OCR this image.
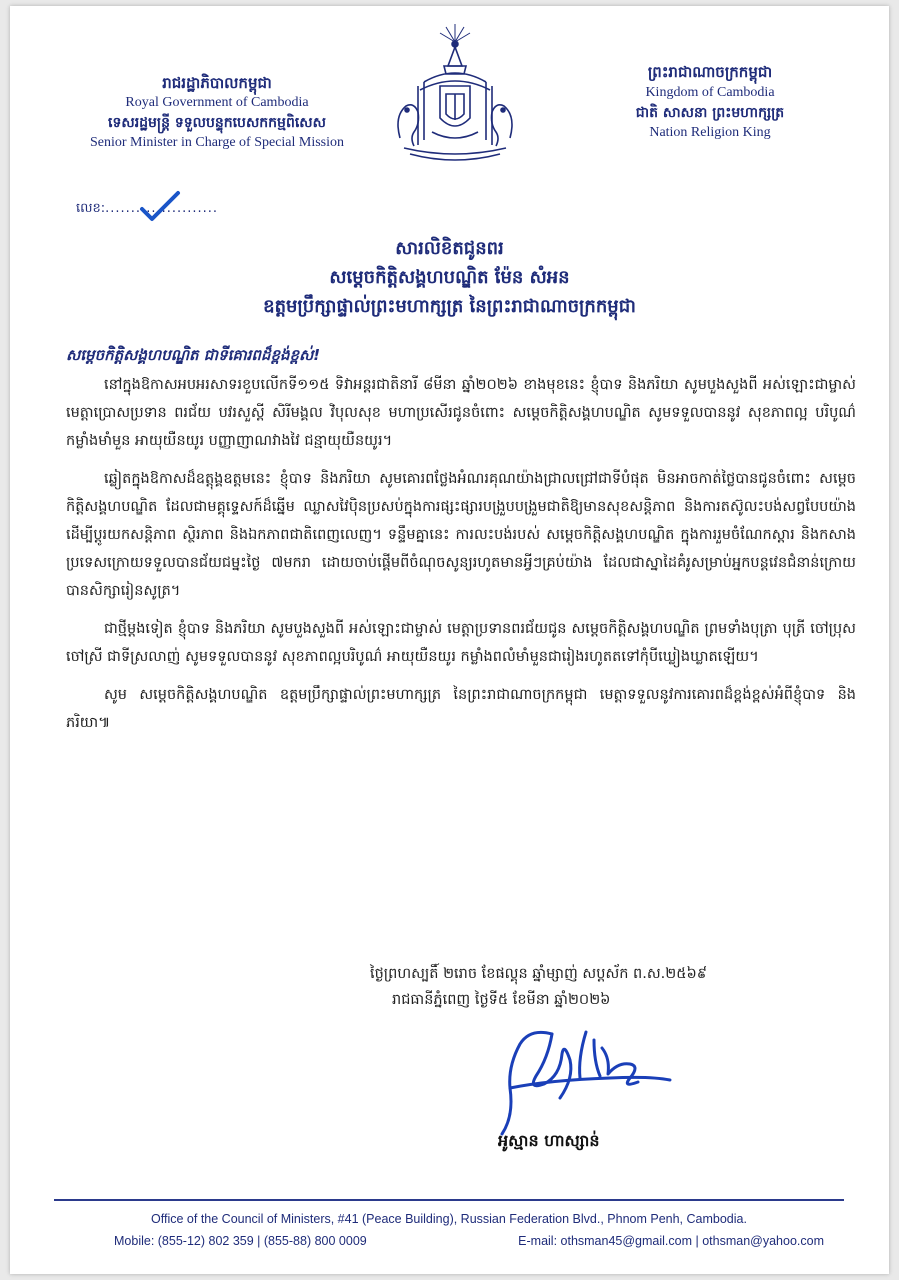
រាជរដ្ឋាភិបាលកម្ពុជា
Royal Government of Cambodia
ទេសរដ្ឋមន្ត្រី ទទួលបន្ទុកបេសកកម្មពិសេស
Senior Minister in Charge of Special Mission
ព្រះរាជាណាចក្រកម្ពុជា
Kingdom of Cambodia
ជាតិ សាសនា ព្រះមហាក្សត្រ
Nation Religion King
លេខ:......................
សារលិខិតជូនពរ
សម្តេចកិត្តិសង្គហបណ្ឌិត ម៉ែន សំអន
ឧត្តមប្រឹក្សាផ្ទាល់ព្រះមហាក្សត្រ នៃព្រះរាជាណាចក្រកម្ពុជា
សម្តេចកិត្តិសង្គហបណ្ឌិត ជាទីគោរពដ៏ខ្ពង់ខ្ពស់!

នៅក្នុងឱកាសអបអរសាទរខួបលើកទី១១៥ ទិវាអន្តរជាតិនារី ៨មីនា ឆ្នាំ២០២៦ ខាងមុខនេះ ខ្ញុំបាទ និងភរិយា សូមបួងសួងពី អស់ឡោះជាម្ចាស់ មេត្តាប្រោសប្រទាន ពរជ័យ បវរសួស្តី សិរីមង្គល វិបុលសុខ មហាប្រសើរជូនចំពោះ សម្តេចកិត្តិសង្គហបណ្ឌិត សូមទទួលបាននូវ សុខភាពល្អ បរិបូណ៌ កម្លាំងមាំមួន អាយុយឺនយូរ បញ្ញាញាណវាងវៃ ជន្មាយុយឺនយូរ។

ឆ្លៀតក្នុងឱកាសដ៏ឧត្តុង្គឧត្តមនេះ ខ្ញុំបាទ និងភរិយា សូមគោរពថ្លែងអំណរគុណយ៉ាងជ្រាលជ្រៅជាទីបំផុត មិនអាចកាត់ថ្លៃបានជូនចំពោះ សម្តេចកិត្តិសង្គហបណ្ឌិត ដែលជាមគ្គុទ្ទេសក៍ដ៏ឆ្នើម ឈ្លាសវៃប៉ិនប្រសប់ក្នុងការផ្សះផ្សារបង្រួបបង្រួមជាតិឱ្យមានសុខសន្តិភាព និងការតស៊ូលះបង់សព្វបែបយ៉ាងដើម្បីប្តូរយកសន្តិភាព ស្ថិរភាព និងឯកភាពជាតិពេញលេញ។ ទន្ទឹមគ្នានេះ ការលះបង់របស់ សម្តេចកិត្តិសង្គហបណ្ឌិត ក្នុងការរួមចំណែកស្តារ និងកសាងប្រទេសក្រោយទទួលបានជ័យជម្នះថ្ងៃ ៧មករា ដោយចាប់ផ្តើមពីចំណុចសូន្យរហូតមានអ្វីៗគ្រប់យ៉ាង ដែលជាស្នាដៃគំរូសម្រាប់អ្នកបន្តវេនជំនាន់ក្រោយបានសិក្សារៀនសូត្រ។

ជាថ្មីម្តងទៀត ខ្ញុំបាទ និងភរិយា សូមបួងសួងពី អស់ឡោះជាម្ចាស់ មេត្តាប្រទានពរជ័យជូន សម្តេចកិត្តិសង្គហបណ្ឌិត ព្រមទាំងបុត្រា បុត្រី ចៅប្រុស ចៅស្រី ជាទីស្រលាញ់ សូមទទួលបាននូវ សុខភាពល្អបរិបូណ៌ អាយុយឺនយូរ កម្លាំងពលំមាំមួនជារៀងរហូតតទៅកុំបីឃ្លៀងឃ្លាតឡើយ។

សូម សម្តេចកិត្តិសង្គហបណ្ឌិត ឧត្តមប្រឹក្សាផ្ទាល់ព្រះមហាក្សត្រ នៃព្រះរាជាណាចក្រកម្ពុជា មេត្តាទទួលនូវការគោរពដ៏ខ្ពង់ខ្ពស់អំពីខ្ញុំបាទ និងភរិយា៕

ថ្ងៃព្រហស្បតិ៍ ២រោច ខែផល្គុន ឆ្នាំម្សាញ់ សប្តស័ក ព.ស.២៥៦៩
រាជធានីភ្នំពេញ ថ្ងៃទី៥ ខែមីនា ឆ្នាំ២០២៦
អូស្មាន ហាស្សាន់
Office of the Council of Ministers, #41 (Peace Building), Russian Federation Blvd., Phnom Penh, Cambodia.
Mobile: (855-12) 802 359 | (855-88) 800 0009	E-mail: othsman45@gmail.com | othsman@yahoo.com
